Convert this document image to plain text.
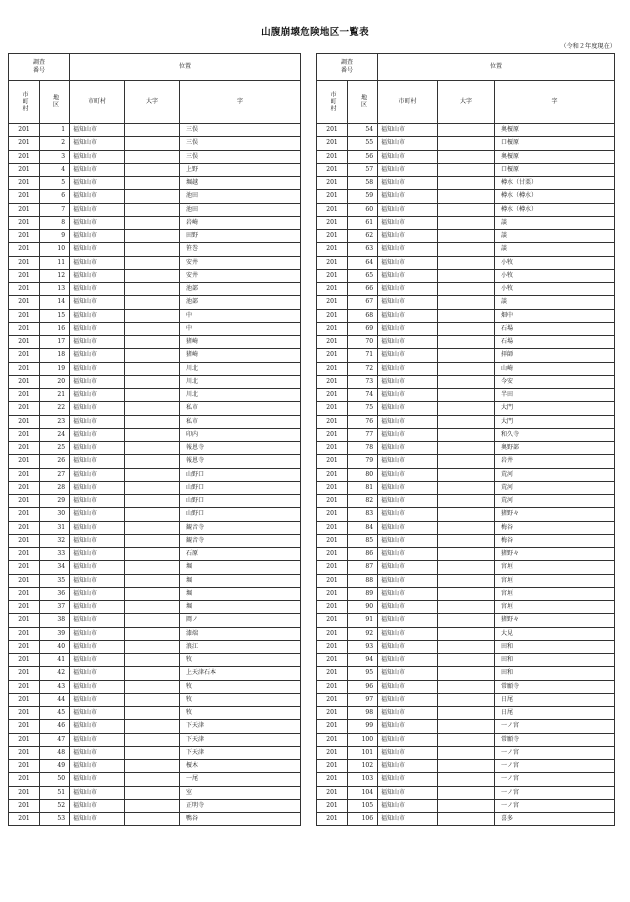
山腹崩壊危険地区一覧表
（令和２年度現在）
調査
番号		位置		
市町村	地区	市町村	大字	字
201	1	福知山市		三俣
201	2	福知山市		三俣
201	3	福知山市		三俣
201	4	福知山市		上野
201	5	福知山市		堀越
201	6	福知山市		池田
201	7	福知山市		池田
201	8	福知山市		岩崎
201	9	福知山市		田野
201	10	福知山市		笹巻
201	11	福知山市		安井
201	12	福知山市		安井
201	13	福知山市		池部
201	14	福知山市		池部
201	15	福知山市		中
201	16	福知山市		中
201	17	福知山市		猪崎
201	18	福知山市		猪崎
201	19	福知山市		川北
201	20	福知山市		川北
201	21	福知山市		川北
201	22	福知山市		私市
201	23	福知山市		私市
201	24	福知山市		印内
201	25	福知山市		報恩寺
201	26	福知山市		報恩寺
201	27	福知山市		山野口
201	28	福知山市		山野口
201	29	福知山市		山野口
201	30	福知山市		山野口
201	31	福知山市		観音寺
201	32	福知山市		観音寺
201	33	福知山市		石原
201	34	福知山市		堀
201	35	福知山市		堀
201	36	福知山市		堀
201	37	福知山市		堀
201	38	福知山市		岡ノ
201	39	福知山市		漆端
201	40	福知山市		浪江
201	41	福知山市		牧
201	42	福知山市		上天津石本
201	43	福知山市		牧
201	44	福知山市		牧
201	45	福知山市		牧
201	46	福知山市		下天津
201	47	福知山市		下天津
201	48	福知山市		下天津
201	49	福知山市		榎木
201	50	福知山市		一尾
201	51	福知山市		室
201	52	福知山市		正明寺
201	53	福知山市		鴨谷
調査
番号		位置		
市町村	地区	市町村	大字	字
201	54	福知山市		奥榎原
201	55	福知山市		口榎原
201	56	福知山市		奥榎原
201	57	福知山市		口榎原
201	58	福知山市		樽水（甘栗）
201	59	福知山市		樽水（樽水）
201	60	福知山市		樽水（樽水）
201	61	福知山市		談
201	62	福知山市		談
201	63	福知山市		談
201	64	福知山市		小牧
201	65	福知山市		小牧
201	66	福知山市		小牧
201	67	福知山市		談
201	68	福知山市		畑中
201	69	福知山市		石場
201	70	福知山市		石場
201	71	福知山市		拝師
201	72	福知山市		山崎
201	73	福知山市		今安
201	74	福知山市		半田
201	75	福知山市		大門
201	76	福知山市		大門
201	77	福知山市		和久寺
201	78	福知山市		奥野部
201	79	福知山市		岩井
201	80	福知山市		荒河
201	81	福知山市		荒河
201	82	福知山市		荒河
201	83	福知山市		猪野々
201	84	福知山市		梅谷
201	85	福知山市		梅谷
201	86	福知山市		猪野々
201	87	福知山市		宮垣
201	88	福知山市		宮垣
201	89	福知山市		宮垣
201	90	福知山市		宮垣
201	91	福知山市		猪野々
201	92	福知山市		大見
201	93	福知山市		田和
201	94	福知山市		田和
201	95	福知山市		田和
201	96	福知山市		常願寺
201	97	福知山市		日尾
201	98	福知山市		日尾
201	99	福知山市		一ノ宮
201	100	福知山市		常願寺
201	101	福知山市		一ノ宮
201	102	福知山市		一ノ宮
201	103	福知山市		一ノ宮
201	104	福知山市		一ノ宮
201	105	福知山市		一ノ宮
201	106	福知山市		喜多
